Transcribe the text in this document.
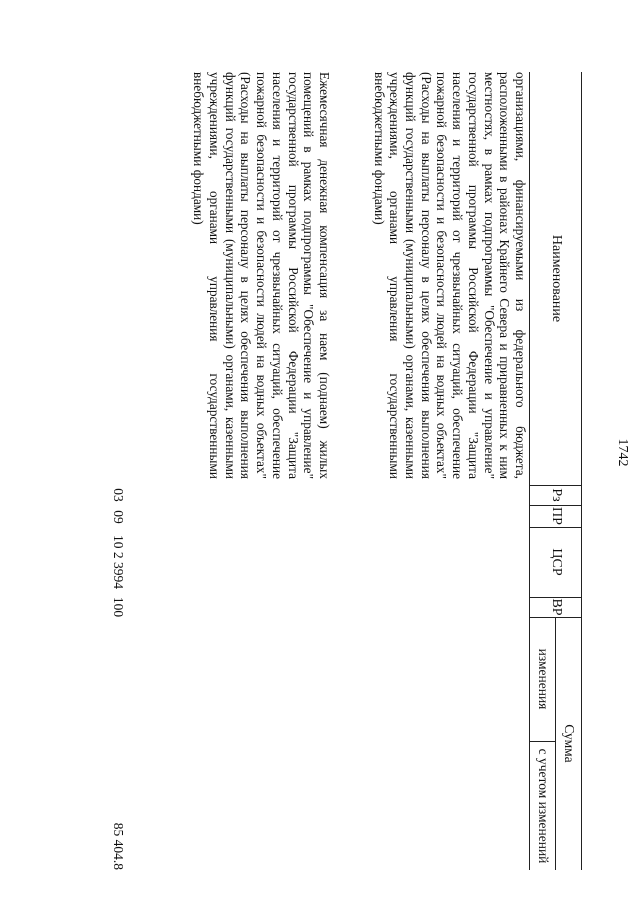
1742
Наименование
Рз
ПР
ЦСР
ВР
Сумма
изменения
с учетом изменений
организациями, финансируемыми из федерального бюджета, расположенными в районах Крайнего Севера и приравненных к ним местностях, в рамках подпрограммы "Обеспечение и управление" государственной программы Российской Федерации "Защита населения и территорий от чрезвычайных ситуаций, обеспечение пожарной безопасности и безопасности людей на водных объектах" (Расходы на выплаты персоналу в целях обеспечения выполнения функций государственными (муниципальными) органами, казенными учреждениями, органами управления государственными внебюджетными фондами)
Ежемесячная денежная компенсация за наем (поднаем) жилых помещений в рамках подпрограммы "Обеспечение и управление" государственной программы Российской Федерации "Защита населения и территорий от чрезвычайных ситуаций, обеспечение пожарной безопасности и безопасности людей на водных объектах" (Расходы на выплаты персоналу в целях обеспечения выполнения функций государственными (муниципальными) органами, казенными учреждениями, органами управления государственными внебюджетными фондами)
03
09
10 2 3994
100
85 404.8
